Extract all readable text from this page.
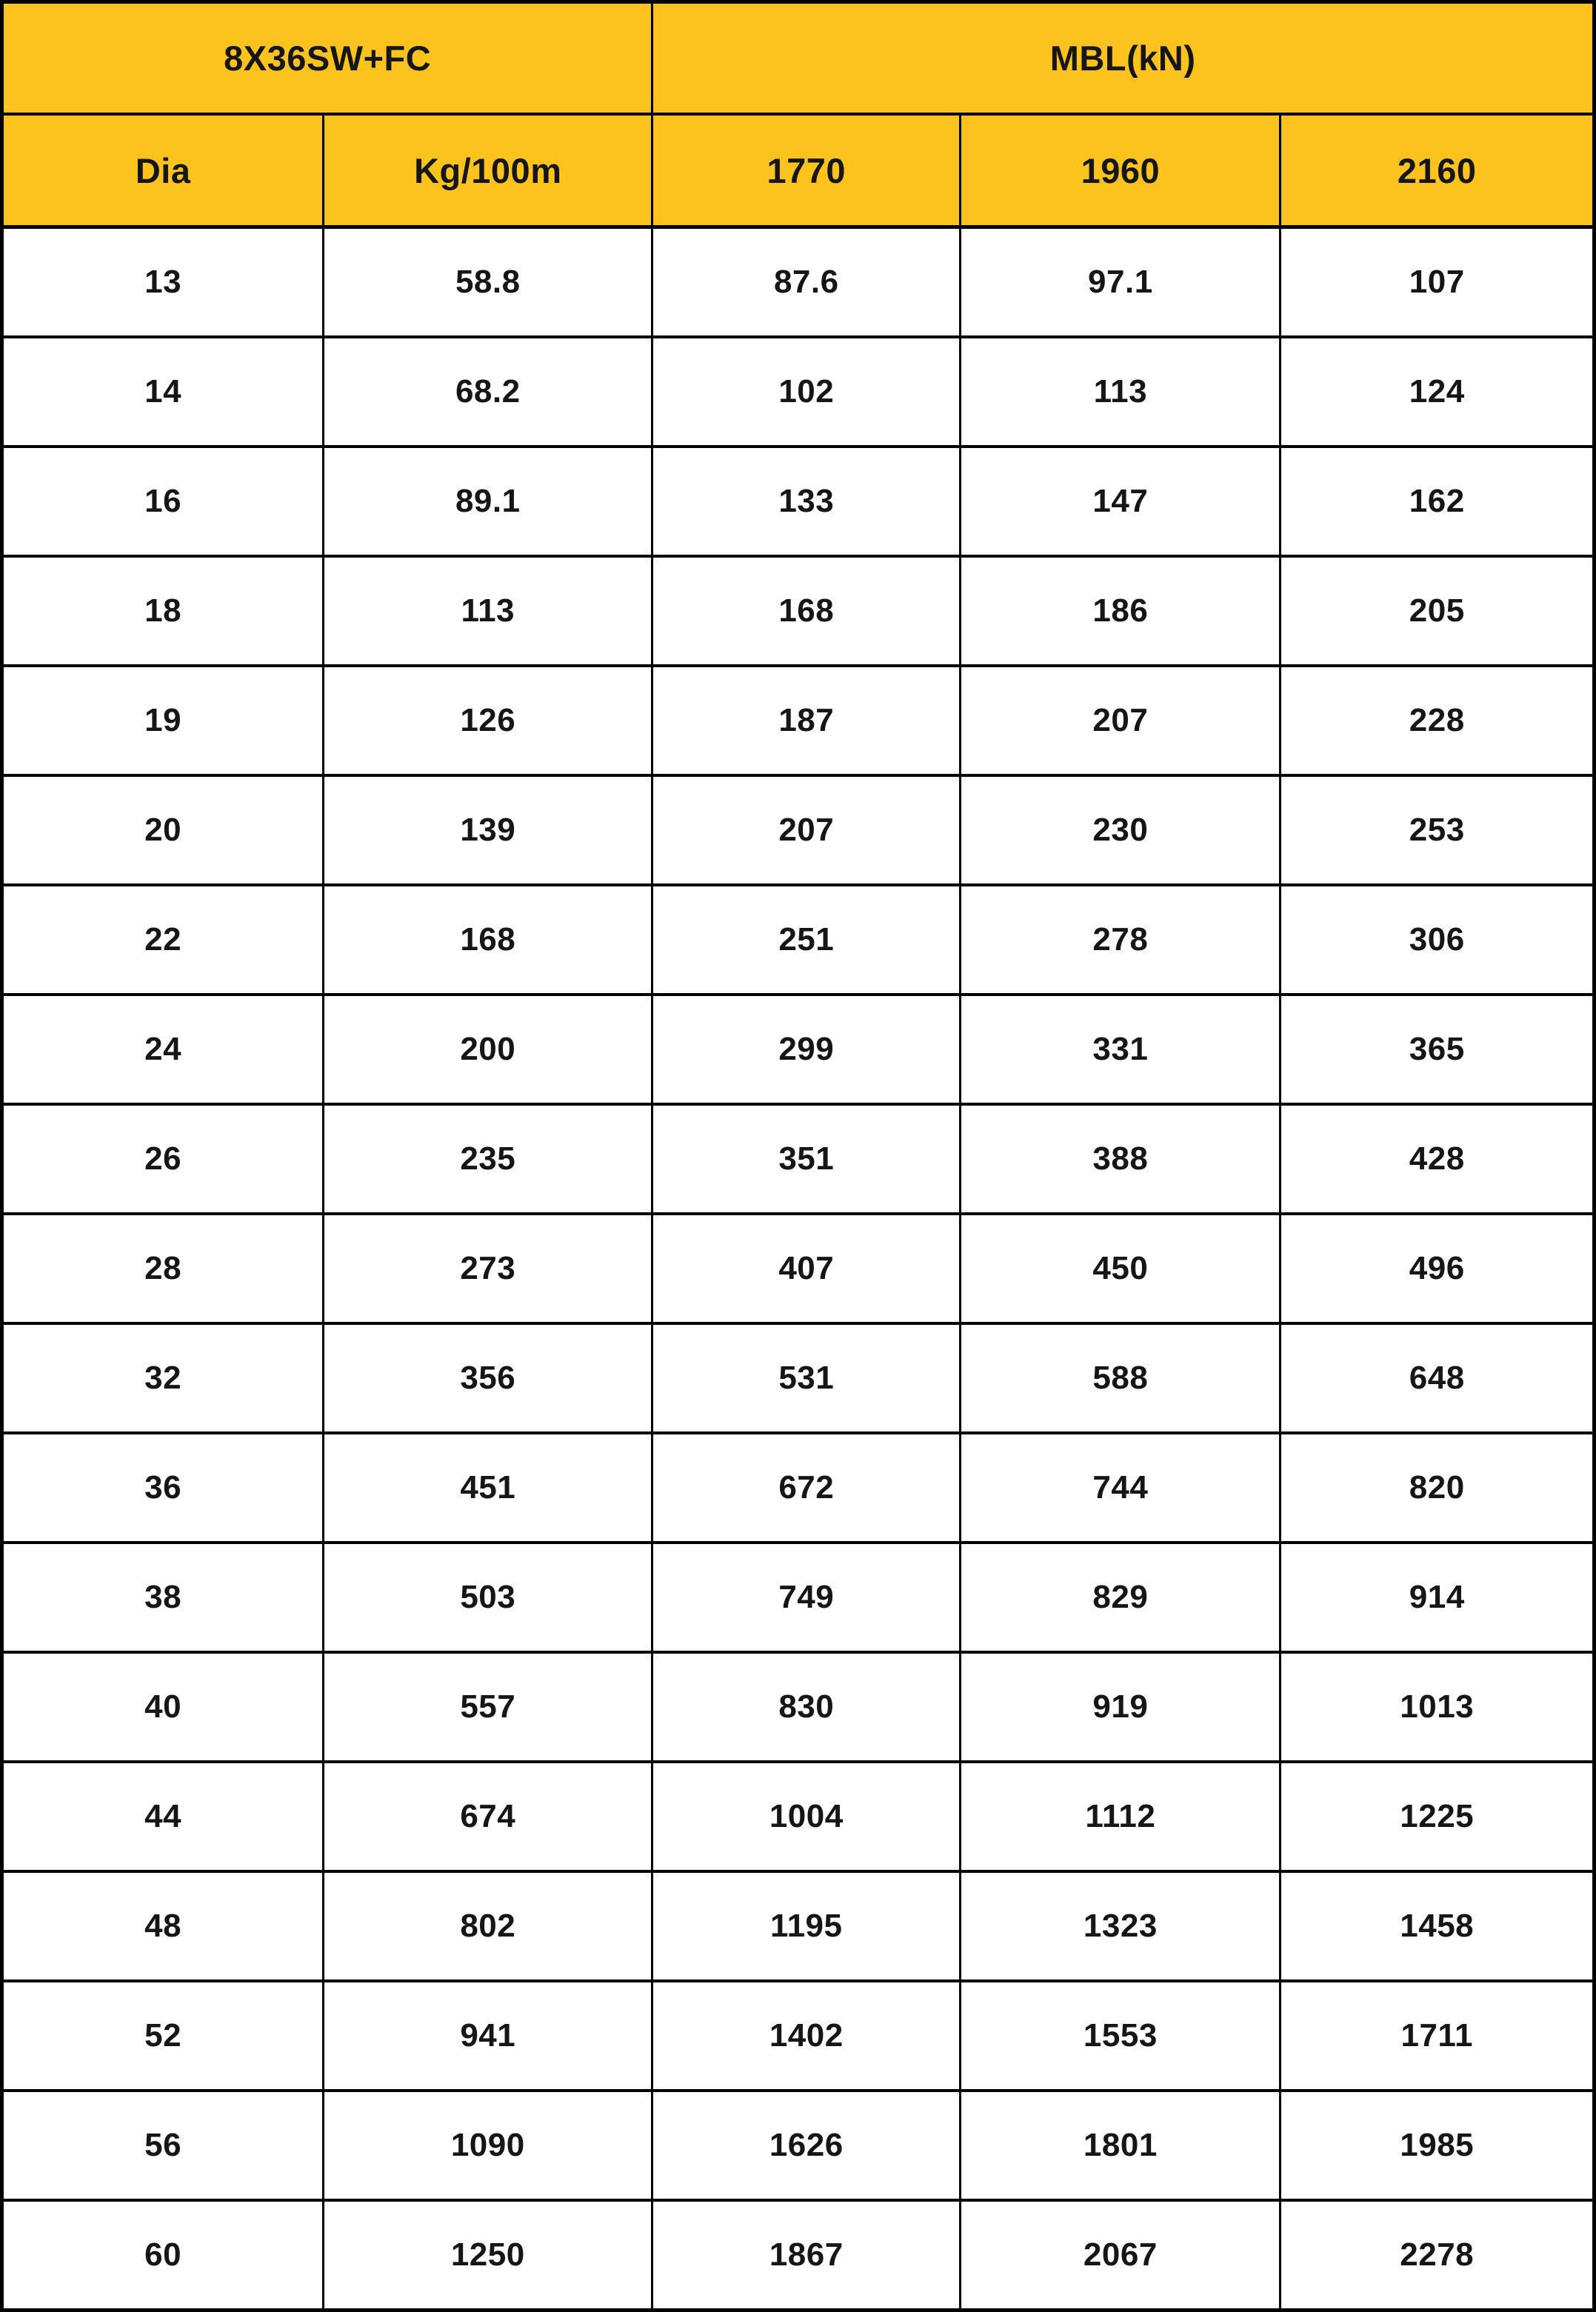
8X36SW+FC		MBL(kN)		
Dia	Kg/100m	1770	1960	2160
13	58.8	87.6	97.1	107
14	68.2	102	113	124
16	89.1	133	147	162
18	113	168	186	205
19	126	187	207	228
20	139	207	230	253
22	168	251	278	306
24	200	299	331	365
26	235	351	388	428
28	273	407	450	496
32	356	531	588	648
36	451	672	744	820
38	503	749	829	914
40	557	830	919	1013
44	674	1004	1112	1225
48	802	1195	1323	1458
52	941	1402	1553	1711
56	1090	1626	1801	1985
60	1250	1867	2067	2278
